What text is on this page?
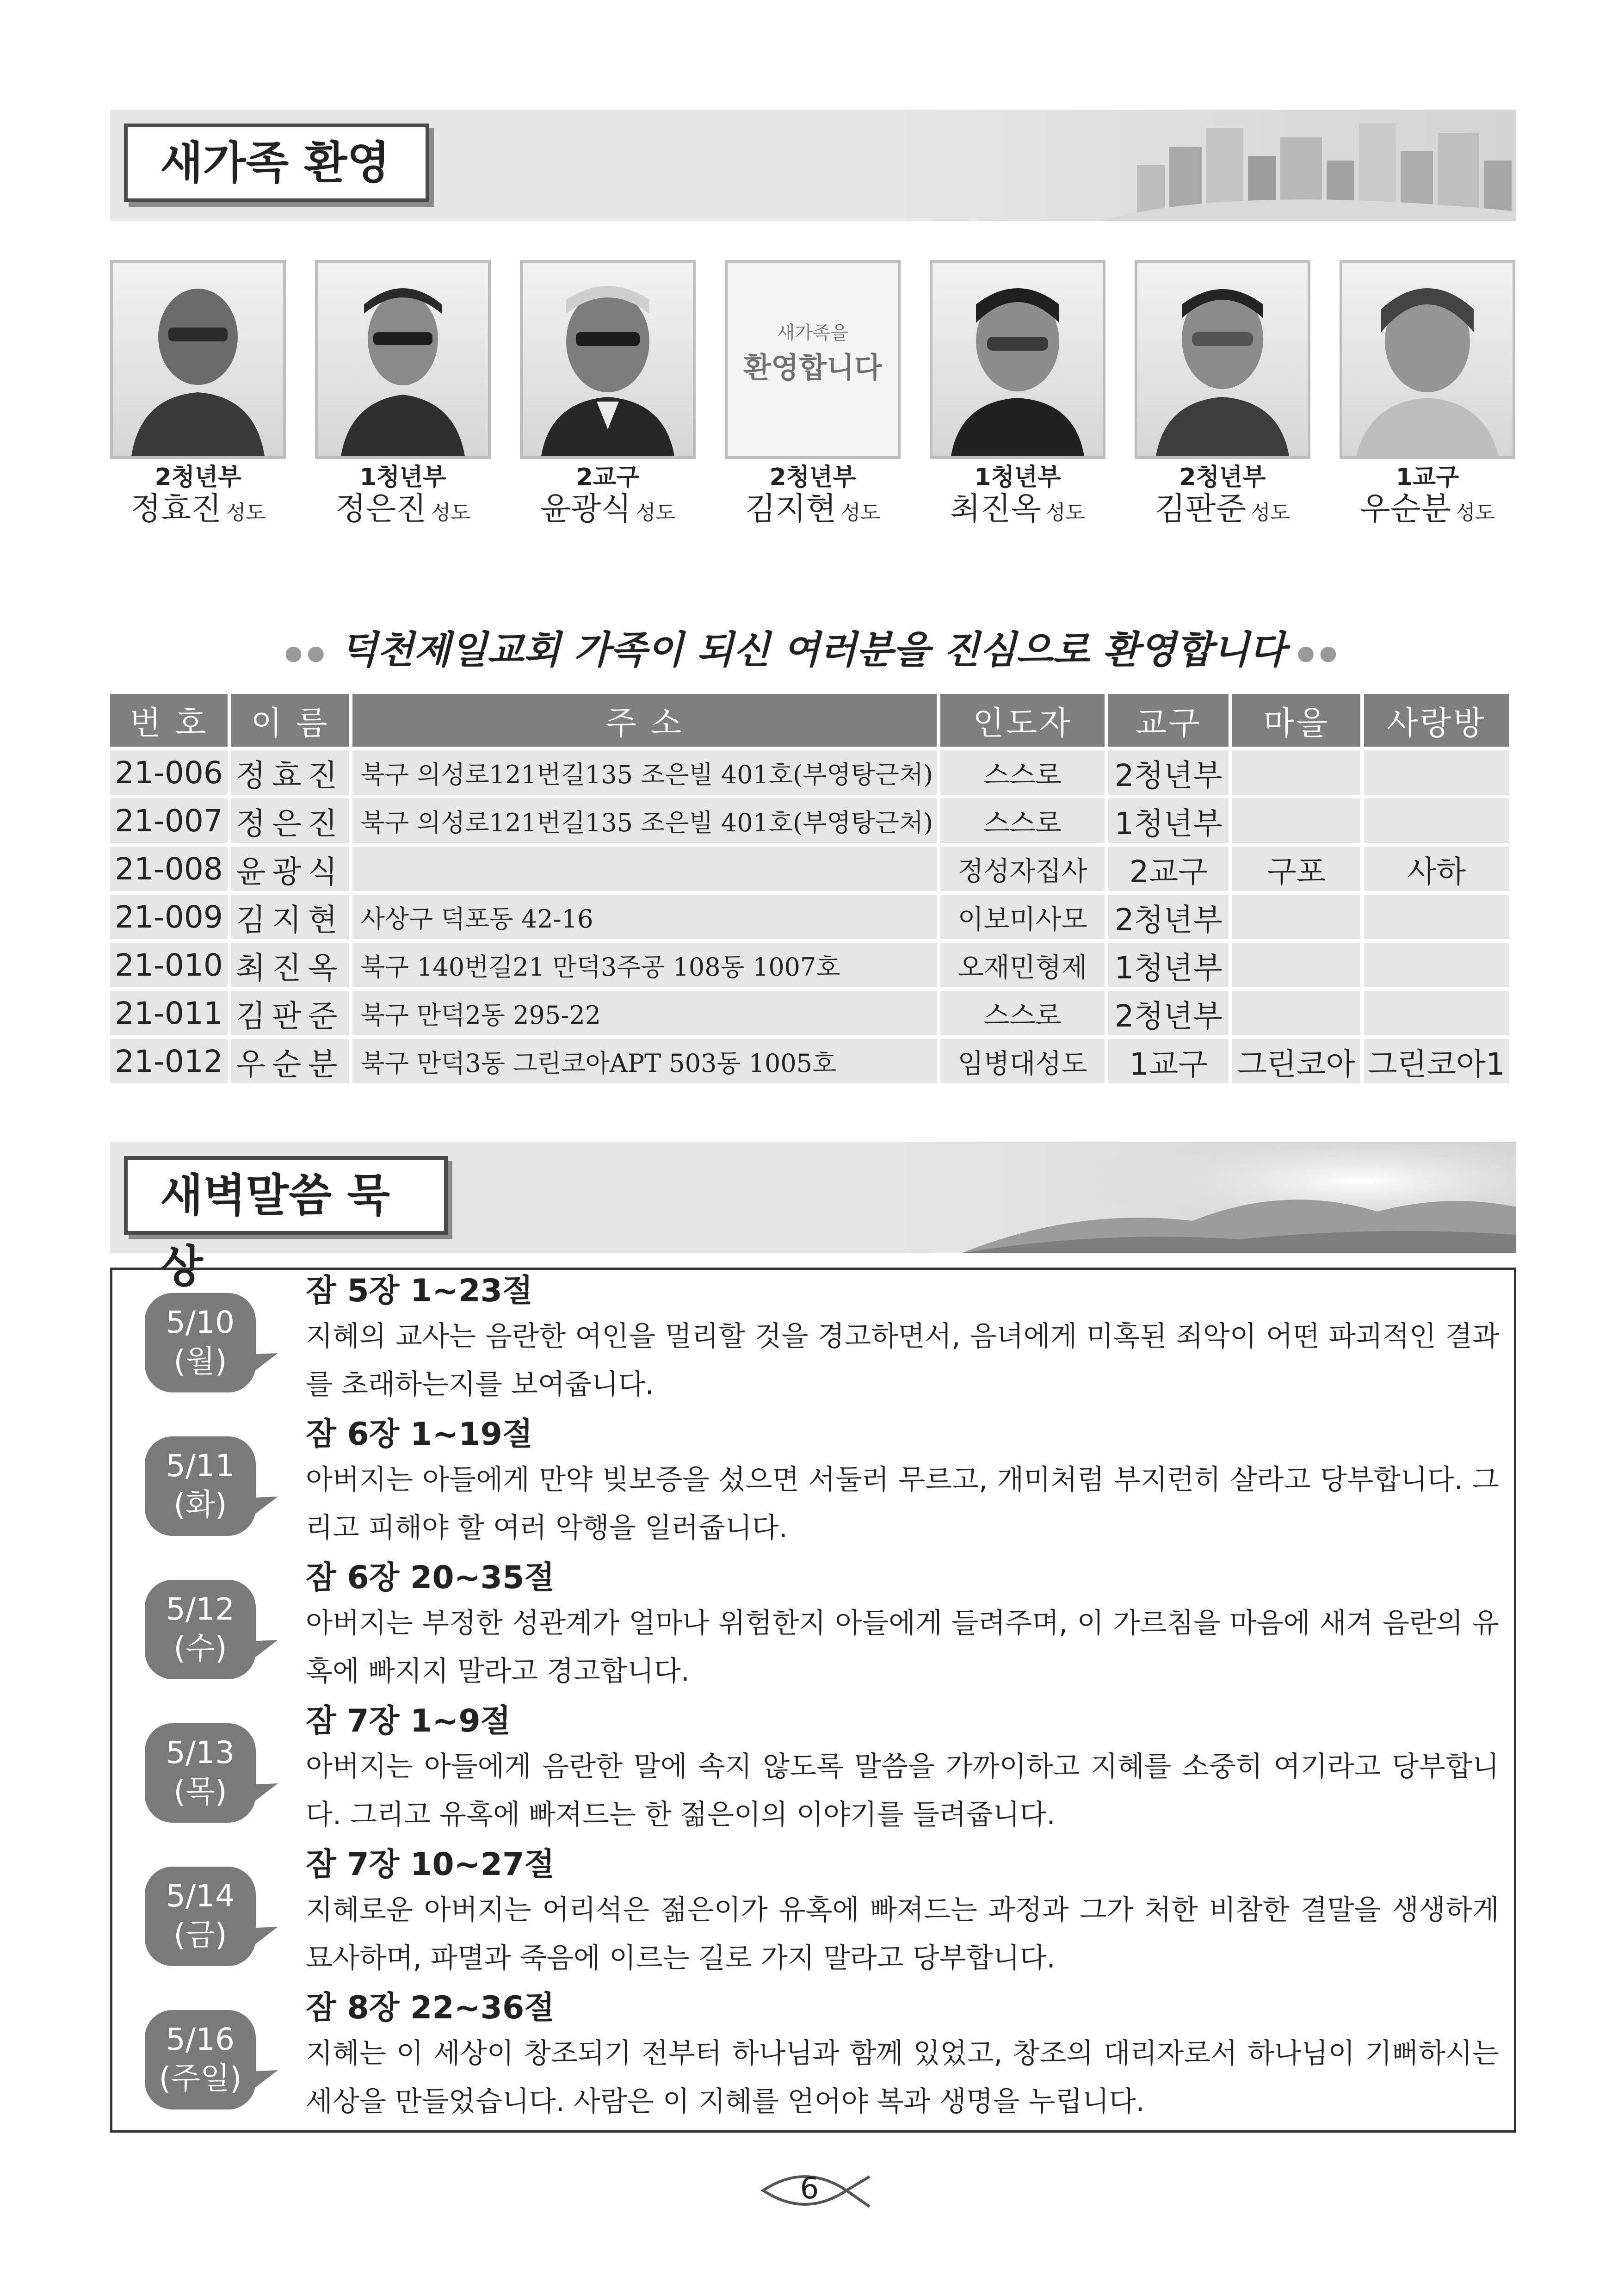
새가족 환영
2청년부
정효진 성도
1청년부
정은진 성도
2교구
윤광식 성도
새가족을
환영합니다
2청년부
김지현 성도
1청년부
최진옥 성도
2청년부
김판준 성도
1교구
우순분 성도
●● 덕천제일교회 가족이 되신 여러분을 진심으로 환영합니다 ●●
번 호	이 름	주 소	인도자	교구	마을	사랑방
21-006	정효진	북구 의성로121번길135 조은빌 401호(부영탕근처)	스스로	2청년부		
21-007	정은진	북구 의성로121번길135 조은빌 401호(부영탕근처)	스스로	1청년부		
21-008	윤광식		정성자집사	2교구	구포	사하
21-009	김지현	사상구 덕포동 42-16	이보미사모	2청년부		
21-010	최진옥	북구 140번길21 만덕3주공 108동 1007호	오재민형제	1청년부		
21-011	김판준	북구 만덕2동 295-22	스스로	2청년부		
21-012	우순분	북구 만덕3동 그린코아APT 503동 1005호	임병대성도	1교구	그린코아	그린코아1
새벽말씀 묵상
5/10
(월)
잠 5장 1~23절
지혜의 교사는 음란한 여인을 멀리할 것을 경고하면서, 음녀에게 미혹된 죄악이 어떤 파괴적인 결과를 초래하는지를 보여줍니다.
5/11
(화)
잠 6장 1~19절
아버지는 아들에게 만약 빚보증을 섰으면 서둘러 무르고, 개미처럼 부지런히 살라고 당부합니다. 그리고 피해야 할 여러 악행을 일러줍니다.
5/12
(수)
잠 6장 20~35절
아버지는 부정한 성관계가 얼마나 위험한지 아들에게 들려주며, 이 가르침을 마음에 새겨 음란의 유혹에 빠지지 말라고 경고합니다.
5/13
(목)
잠 7장 1~9절
아버지는 아들에게 음란한 말에 속지 않도록 말씀을 가까이하고 지혜를 소중히 여기라고 당부합니다. 그리고 유혹에 빠져드는 한 젊은이의 이야기를 들려줍니다.
5/14
(금)
잠 7장 10~27절
지혜로운 아버지는 어리석은 젊은이가 유혹에 빠져드는 과정과 그가 처한 비참한 결말을 생생하게 묘사하며, 파멸과 죽음에 이르는 길로 가지 말라고 당부합니다.
5/16
(주일)
잠 8장 22~36절
지혜는 이 세상이 창조되기 전부터 하나님과 함께 있었고, 창조의 대리자로서 하나님이 기뻐하시는 세상을 만들었습니다. 사람은 이 지혜를 얻어야 복과 생명을 누립니다.
6
